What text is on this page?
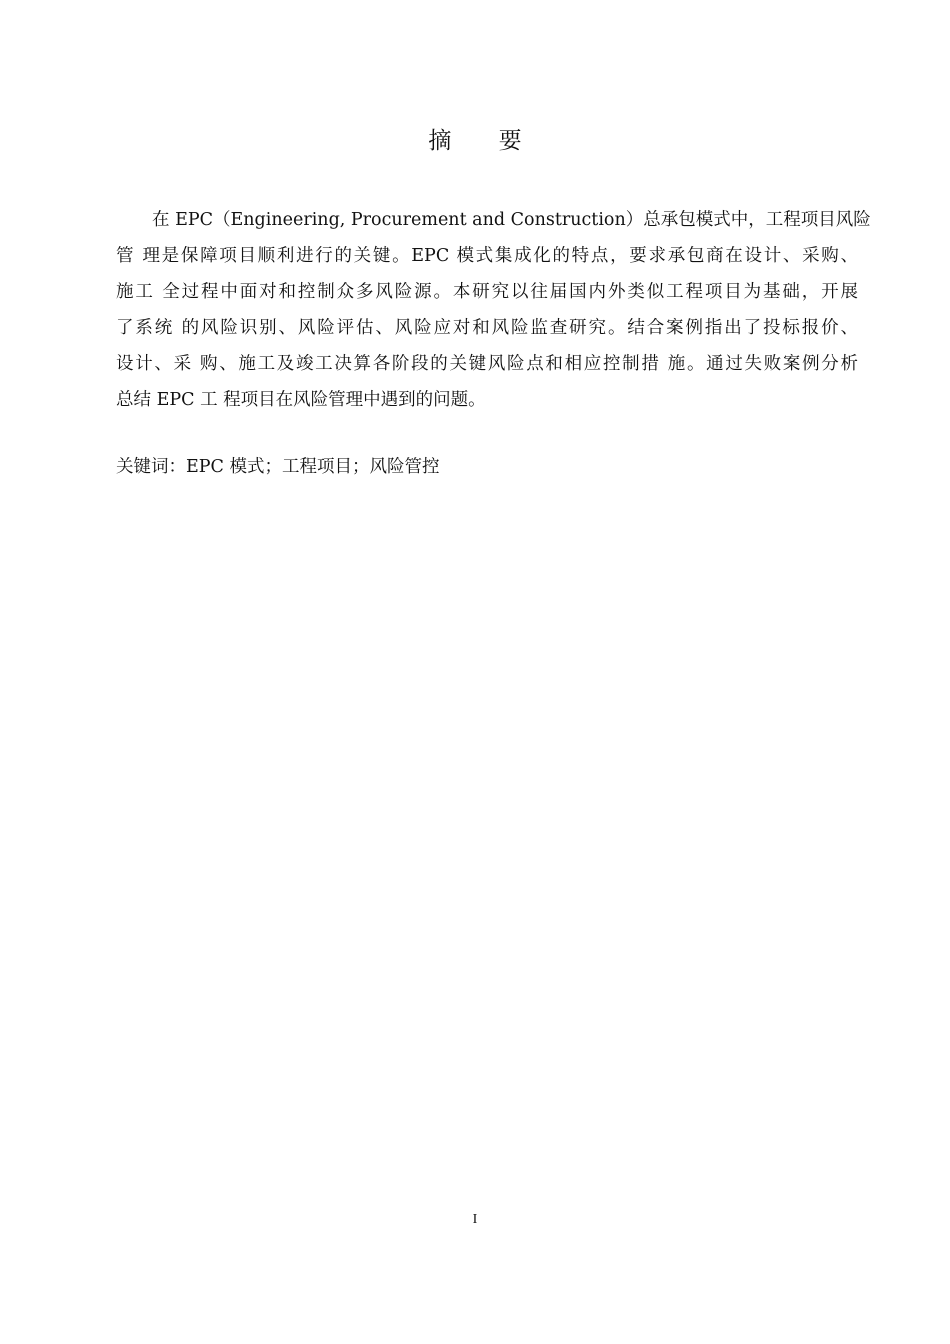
摘 要
在 EPC（Engineering, Procurement and Construction）总承包模式中，工程项目风险
管 理是保障项目顺利进行的关键。EPC 模式集成化的特点，要求承包商在设计、采购、
施工 全过程中面对和控制众多风险源。本研究以往届国内外类似工程项目为基础，开展
了系统 的风险识别、风险评估、风险应对和风险监查研究。结合案例指出了投标报价、
设计、采 购、施工及竣工决算各阶段的关键风险点和相应控制措 施。通过失败案例分析
总结 EPC 工 程项目在风险管理中遇到的问题。
关键词：EPC 模式；工程项目；风险管控
I
